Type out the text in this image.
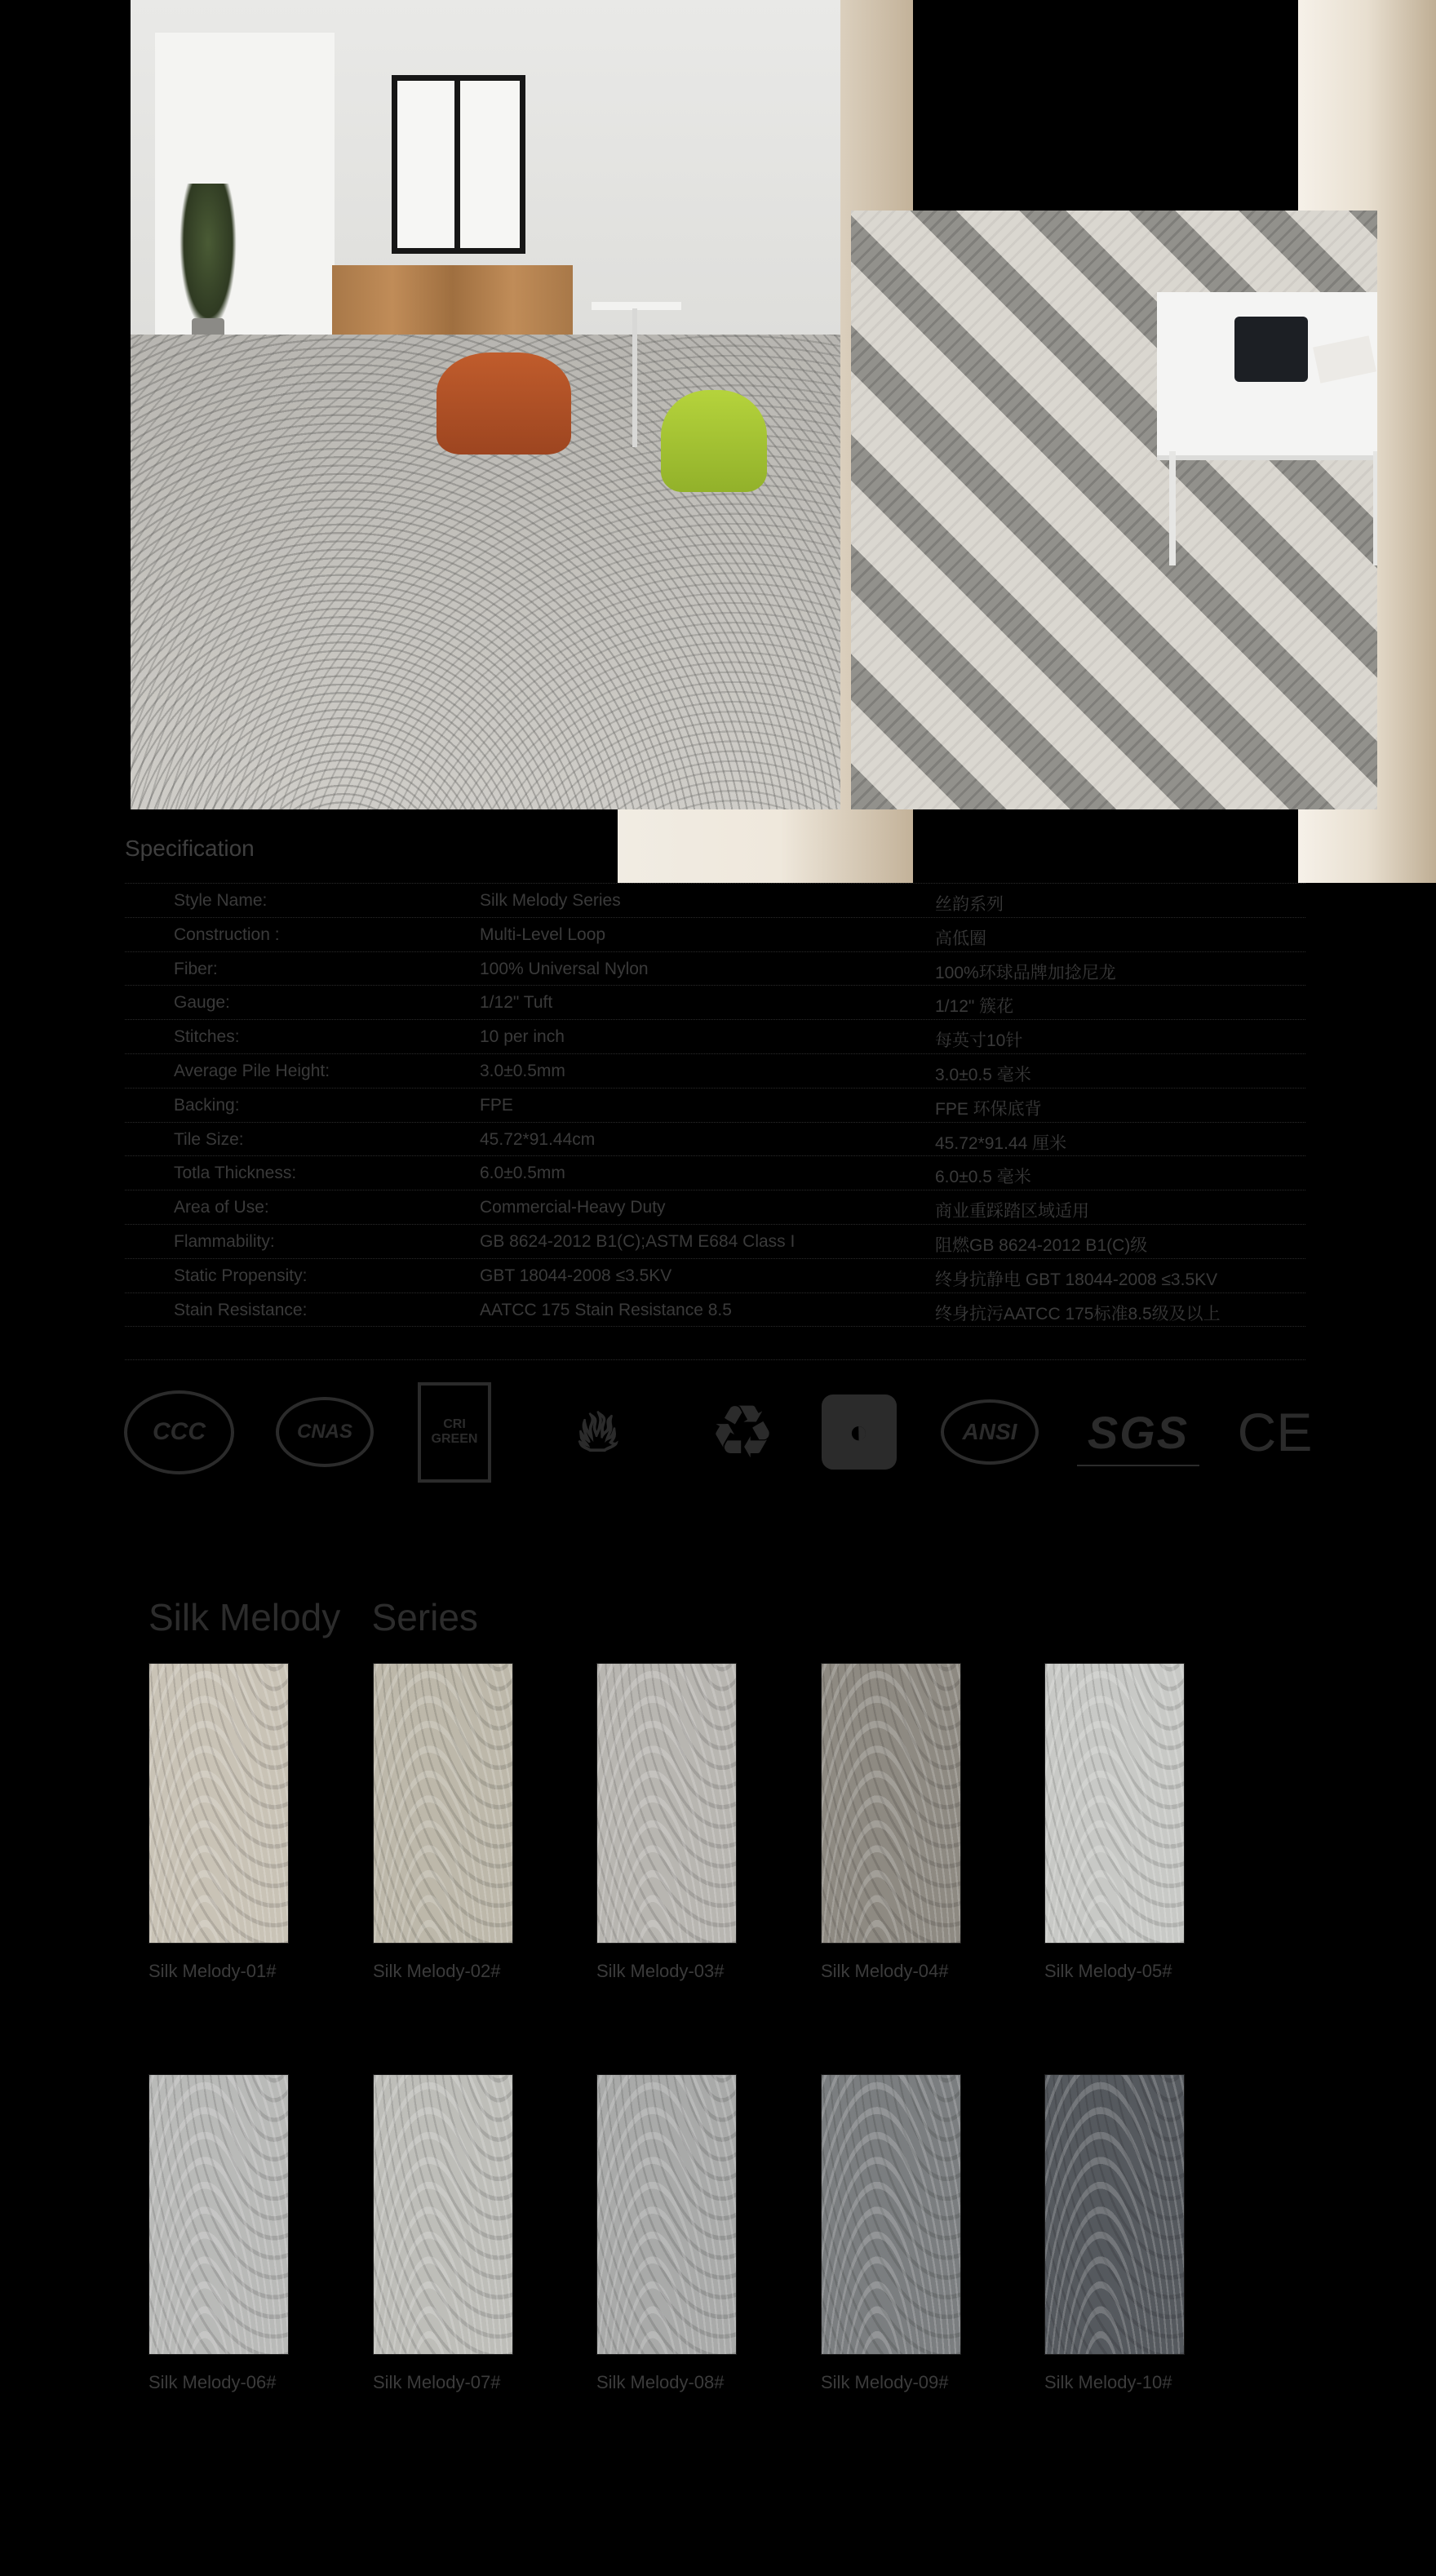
Specification
Style Name:	Silk Melody Series	丝韵系列
Construction :	Multi-Level Loop	高低圈
Fiber:	100% Universal Nylon	100%环球品牌加捻尼龙
Gauge:	1/12" Tuft	1/12" 簇花
Stitches:	10 per inch	每英寸10针
Average Pile Height:	3.0±0.5mm	3.0±0.5 毫米
Backing:	FPE	FPE 环保底背
Tile Size:	45.72*91.44cm	45.72*91.44 厘米
Totla Thickness:	6.0±0.5mm	6.0±0.5 毫米
Area of Use:	Commercial-Heavy Duty	商业重踩踏区域适用
Flammability:	GB 8624-2012 B1(C);ASTM E684 Class I	阻燃GB 8624-2012 B1(C)级
Static Propensity:	GBT 18044-2008 ≤3.5KV	终身抗静电 GBT 18044-2008 ≤3.5KV
Stain Resistance:	AATCC 175 Stain Resistance 8.5	终身抗污AATCC 175标准8.5级及以上
CCC	CNAS	CRI
GREEN	🔥︎	♻︎	◐	ANSI	SGS CE
Silk Melody   Series
Silk Melody-01#	Silk Melody-02#	Silk Melody-03#	Silk Melody-04#	Silk Melody-05#
Silk Melody-06#	Silk Melody-07#	Silk Melody-08#	Silk Melody-09#	Silk Melody-10#
